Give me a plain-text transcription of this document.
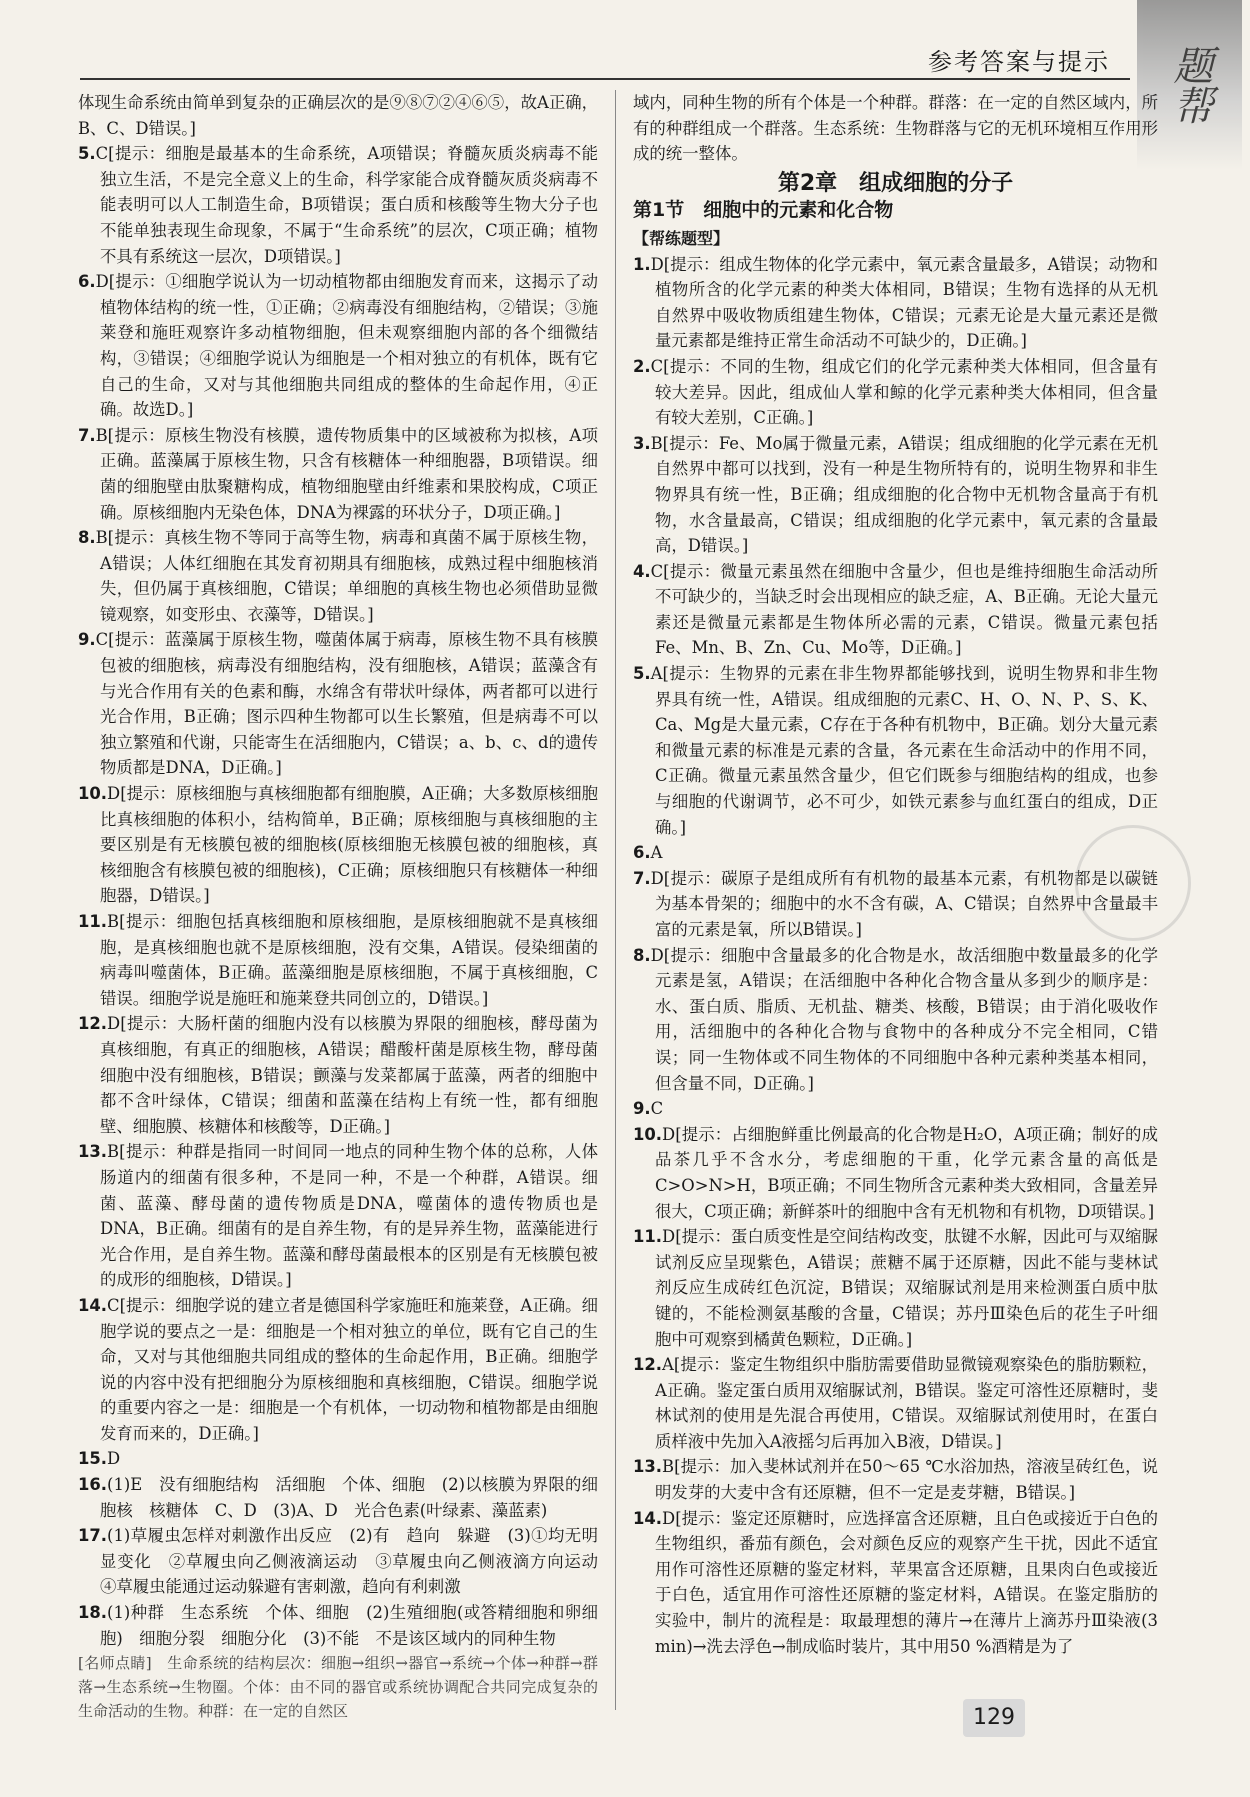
参考答案与提示	题帮

体现生命系统由简单到复杂的正确层次的是⑨⑧⑦②④⑥⑤，故A正确，B、C、D错误。]

5.C[提示：细胞是最基本的生命系统，A项错误；脊髓灰质炎病毒不能独立生活，不是完全意义上的生命，科学家能合成脊髓灰质炎病毒不能表明可以人工制造生命，B项错误；蛋白质和核酸等生物大分子也不能单独表现生命现象，不属于“生命系统”的层次，C项正确；植物不具有系统这一层次，D项错误。]

6.D[提示：①细胞学说认为一切动植物都由细胞发育而来，这揭示了动植物体结构的统一性，①正确；②病毒没有细胞结构，②错误；③施莱登和施旺观察许多动植物细胞，但未观察细胞内部的各个细微结构，③错误；④细胞学说认为细胞是一个相对独立的有机体，既有它自己的生命，又对与其他细胞共同组成的整体的生命起作用，④正确。故选D。]

7.B[提示：原核生物没有核膜，遗传物质集中的区域被称为拟核，A项正确。蓝藻属于原核生物，只含有核糖体一种细胞器，B项错误。细菌的细胞壁由肽聚糖构成，植物细胞壁由纤维素和果胶构成，C项正确。原核细胞内无染色体，DNA为裸露的环状分子，D项正确。]

8.B[提示：真核生物不等同于高等生物，病毒和真菌不属于原核生物，A错误；人体红细胞在其发育初期具有细胞核，成熟过程中细胞核消失，但仍属于真核细胞，C错误；单细胞的真核生物也必须借助显微镜观察，如变形虫、衣藻等，D错误。]

9.C[提示：蓝藻属于原核生物，噬菌体属于病毒，原核生物不具有核膜包被的细胞核，病毒没有细胞结构，没有细胞核，A错误；蓝藻含有与光合作用有关的色素和酶，水绵含有带状叶绿体，两者都可以进行光合作用，B正确；图示四种生物都可以生长繁殖，但是病毒不可以独立繁殖和代谢，只能寄生在活细胞内，C错误；a、b、c、d的遗传物质都是DNA，D正确。]

10.D[提示：原核细胞与真核细胞都有细胞膜，A正确；大多数原核细胞比真核细胞的体积小，结构简单，B正确；原核细胞与真核细胞的主要区别是有无核膜包被的细胞核(原核细胞无核膜包被的细胞核，真核细胞含有核膜包被的细胞核)，C正确；原核细胞只有核糖体一种细胞器，D错误。]

11.B[提示：细胞包括真核细胞和原核细胞，是原核细胞就不是真核细胞，是真核细胞也就不是原核细胞，没有交集，A错误。侵染细菌的病毒叫噬菌体，B正确。蓝藻细胞是原核细胞，不属于真核细胞，C错误。细胞学说是施旺和施莱登共同创立的，D错误。]

12.D[提示：大肠杆菌的细胞内没有以核膜为界限的细胞核，酵母菌为真核细胞，有真正的细胞核，A错误；醋酸杆菌是原核生物，酵母菌细胞中没有细胞核，B错误；颤藻与发菜都属于蓝藻，两者的细胞中都不含叶绿体，C错误；细菌和蓝藻在结构上有统一性，都有细胞壁、细胞膜、核糖体和核酸等，D正确。]

13.B[提示：种群是指同一时间同一地点的同种生物个体的总称，人体肠道内的细菌有很多种，不是同一种，不是一个种群，A错误。细菌、蓝藻、酵母菌的遗传物质是DNA，噬菌体的遗传物质也是DNA，B正确。细菌有的是自养生物，有的是异养生物，蓝藻能进行光合作用，是自养生物。蓝藻和酵母菌最根本的区别是有无核膜包被的成形的细胞核，D错误。]

14.C[提示：细胞学说的建立者是德国科学家施旺和施莱登，A正确。细胞学说的要点之一是：细胞是一个相对独立的单位，既有它自己的生命，又对与其他细胞共同组成的整体的生命起作用，B正确。细胞学说的内容中没有把细胞分为原核细胞和真核细胞，C错误。细胞学说的重要内容之一是：细胞是一个有机体，一切动物和植物都是由细胞发育而来的，D正确。]

15.D

16.(1)E　没有细胞结构　活细胞　个体、细胞　(2)以核膜为界限的细胞核　核糖体　C、D　(3)A、D　光合色素(叶绿素、藻蓝素)

17.(1)草履虫怎样对刺激作出反应　(2)有　趋向　躲避　(3)①均无明显变化　②草履虫向乙侧液滴运动　③草履虫向乙侧液滴方向运动　④草履虫能通过运动躲避有害刺激，趋向有利刺激

18.(1)种群　生态系统　个体、细胞　(2)生殖细胞(或答精细胞和卵细胞)　细胞分裂　细胞分化　(3)不能　不是该区域内的同种生物

[名师点睛]　生命系统的结构层次：细胞→组织→器官→系统→个体→种群→群落→生态系统→生物圈。个体：由不同的器官或系统协调配合共同完成复杂的生命活动的生物。种群：在一定的自然区

域内，同种生物的所有个体是一个种群。群落：在一定的自然区域内，所有的种群组成一个群落。生态系统：生物群落与它的无机环境相互作用形成的统一整体。

第2章　组成细胞的分子
第1节　细胞中的元素和化合物
【帮练题型】

1.D[提示：组成生物体的化学元素中，氧元素含量最多，A错误；动物和植物所含的化学元素的种类大体相同，B错误；生物有选择的从无机自然界中吸收物质组建生物体，C错误；元素无论是大量元素还是微量元素都是维持正常生命活动不可缺少的，D正确。]

2.C[提示：不同的生物，组成它们的化学元素种类大体相同，但含量有较大差异。因此，组成仙人掌和鲸的化学元素种类大体相同，但含量有较大差别，C正确。]

3.B[提示：Fe、Mo属于微量元素，A错误；组成细胞的化学元素在无机自然界中都可以找到，没有一种是生物所特有的，说明生物界和非生物界具有统一性，B正确；组成细胞的化合物中无机物含量高于有机物，水含量最高，C错误；组成细胞的化学元素中，氧元素的含量最高，D错误。]

4.C[提示：微量元素虽然在细胞中含量少，但也是维持细胞生命活动所不可缺少的，当缺乏时会出现相应的缺乏症，A、B正确。无论大量元素还是微量元素都是生物体所必需的元素，C错误。微量元素包括Fe、Mn、B、Zn、Cu、Mo等，D正确。]

5.A[提示：生物界的元素在非生物界都能够找到，说明生物界和非生物界具有统一性，A错误。组成细胞的元素C、H、O、N、P、S、K、Ca、Mg是大量元素，C存在于各种有机物中，B正确。划分大量元素和微量元素的标准是元素的含量，各元素在生命活动中的作用不同，C正确。微量元素虽然含量少，但它们既参与细胞结构的组成，也参与细胞的代谢调节，必不可少，如铁元素参与血红蛋白的组成，D正确。]

6.A

7.D[提示：碳原子是组成所有有机物的最基本元素，有机物都是以碳链为基本骨架的；细胞中的水不含有碳，A、C错误；自然界中含量最丰富的元素是氧，所以B错误。]

8.D[提示：细胞中含量最多的化合物是水，故活细胞中数量最多的化学元素是氢，A错误；在活细胞中各种化合物含量从多到少的顺序是：水、蛋白质、脂质、无机盐、糖类、核酸，B错误；由于消化吸收作用，活细胞中的各种化合物与食物中的各种成分不完全相同，C错误；同一生物体或不同生物体的不同细胞中各种元素种类基本相同，但含量不同，D正确。]

9.C

10.D[提示：占细胞鲜重比例最高的化合物是H₂O，A项正确；制好的成品茶几乎不含水分，考虑细胞的干重，化学元素含量的高低是C>O>N>H，B项正确；不同生物所含元素种类大致相同，含量差异很大，C项正确；新鲜茶叶的细胞中含有无机物和有机物，D项错误。]

11.D[提示：蛋白质变性是空间结构改变，肽键不水解，因此可与双缩脲试剂反应呈现紫色，A错误；蔗糖不属于还原糖，因此不能与斐林试剂反应生成砖红色沉淀，B错误；双缩脲试剂是用来检测蛋白质中肽键的，不能检测氨基酸的含量，C错误；苏丹Ⅲ染色后的花生子叶细胞中可观察到橘黄色颗粒，D正确。]

12.A[提示：鉴定生物组织中脂肪需要借助显微镜观察染色的脂肪颗粒，A正确。鉴定蛋白质用双缩脲试剂，B错误。鉴定可溶性还原糖时，斐林试剂的使用是先混合再使用，C错误。双缩脲试剂使用时，在蛋白质样液中先加入A液摇匀后再加入B液，D错误。]

13.B[提示：加入斐林试剂并在50～65 ℃水浴加热，溶液呈砖红色，说明发芽的大麦中含有还原糖，但不一定是麦芽糖，B错误。]

14.D[提示：鉴定还原糖时，应选择富含还原糖，且白色或接近于白色的生物组织，番茄有颜色，会对颜色反应的观察产生干扰，因此不适宜用作可溶性还原糖的鉴定材料，苹果富含还原糖，且果肉白色或接近于白色，适宜用作可溶性还原糖的鉴定材料，A错误。在鉴定脂肪的实验中，制片的流程是：取最理想的薄片→在薄片上滴苏丹Ⅲ染液(3 min)→洗去浮色→制成临时装片，其中用50 %酒精是为了

129
